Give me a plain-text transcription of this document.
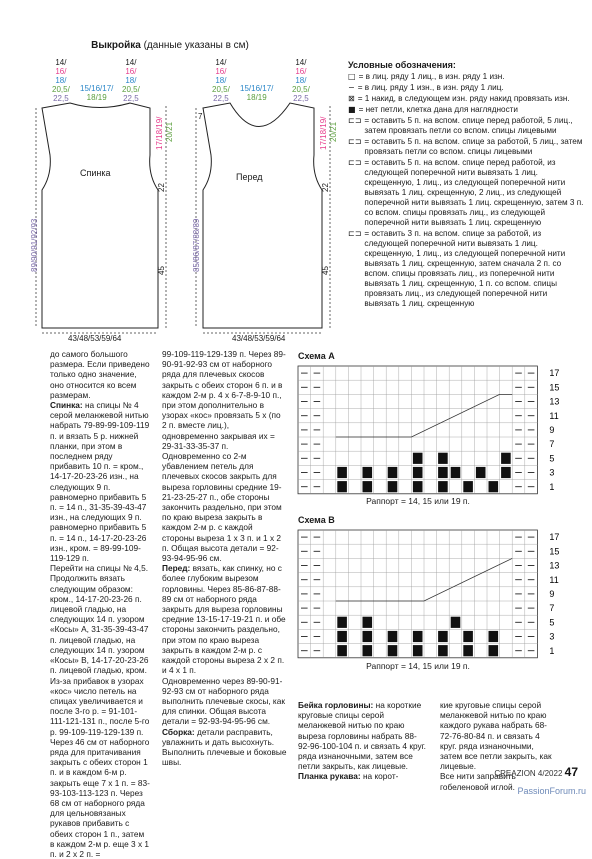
Выкройка (данные указаны в см)
Спинка
14/
16/
18/
20,5/
22,5
15/16/17/
18/19
14/
16/
18/
20,5/
22,5
17/18/19/ 20/21
22
45
89/90/91/92/93
43/48/53/59/64
Перед
14/
16/
18/
20,5/
22,5
15/16/17/
18/19
14/
16/
18/
20,5/
22,5
7
17/18/19/ 20/21
22
45
85/86/87/88/89
43/48/53/59/64
Условные обозначения:
□ = в лиц. ряду 1 лиц., в изн. ряду 1 изн.
− = в лиц. ряду 1 изн., в изн. ряду 1 лиц.
⊠ = 1 накид, в следующем изн. ряду накид провязать изн.
■ = нет петли, клетка дана для наглядности
⊏⊐ = оставить 5 п. на вспом. спице перед работой, 5 лиц., затем провязать петли со вспом. спицы лицевыми
⊏⊐ = оставить 5 п. на вспом. спице за работой, 5 лиц., затем провязать петли со вспом. спицы лицевыми
⊏⊐ = оставить 5 п. на вспом. спице перед работой, из следующей поперечной нити вывязать 1 лиц. скрещенную, 1 лиц., из следующей поперечной нити вывязать 1 лиц. скрещенную, 2 лиц., из следующей поперечной нити вывязать 1 лиц. скрещенную, затем 3 п. со вспом. спицы провязать лиц., из следующей поперечной нити вывязать 1 лиц. скрещенную
⊏⊐ = оставить 3 п. на вспом. спице за работой, из следующей поперечной нити вывязать 1 лиц. скрещенную, 1 лиц., из следующей поперечной нити вывязать 1 лиц. скрещенную, затем сначала 2 п. со вспом. спицы провязать лиц., из поперечной нити вывязать 1 лиц. скрещенную, 1 п. со вспом. спицы провязать лиц., из следующей поперечной нити вывязать 1 лиц. скрещенную

до самого большого размера. Если приведено только одно значение, оно относится ко всем размерам.

Спинка: на спицы № 4 серой меланжевой нитью набрать 79-89-99-109-119 п. и вязать 5 р. нижней планки, при этом в последнем ряду прибавить 10 п. = кром., 14-17-20-23-26 изн., на следующих 9 п. равномерно прибавить 5 п. = 14 п., 31-35-39-43-47 изн., на следующих 9 п. равномерно прибавить 5 п. = 14 п., 14-17-20-23-26 изн., кром. = 89-99-109-119-129 п.

Перейти на спицы № 4,5. Продолжить вязать следующим образом: кром., 14-17-20-23-26 п. лицевой гладью, на следующих 14 п. узором «Косы» А, 31-35-39-43-47 п. лицевой гладью, на следующих 14 п. узором «Косы» В, 14-17-20-23-26 п. лицевой гладью, кром.

Из-за прибавок в узорах «кос» число петель на спицах увеличивается и после 3-го р. = 91-101-111-121-131 п., после 5-го р. 99-109-119-129-139 п.

Через 46 см от наборного ряда для притачивания закрыть с обеих сторон 1 п. и в каждом 6-м р. закрыть еще 7 х 1 п. = 83-93-103-113-123 п. Через 68 см от наборного ряда для цельновязаных рукавов прибавить с обеих сторон 1 п., затем в каждом 2-м р. еще 3 х 1 п. и 2 х 2 п. =

99-109-119-129-139 п. Через 89-90-91-92-93 см от наборного ряда для плечевых скосов закрыть с обеих сторон 6 п. и в каждом 2-м р. 4 х 6-7-8-9-10 п., при этом дополнительно в узорах «кос» провязать 5 х (по 2 п. вместе лиц.), одновременно закрывая их = 29-31-33-35-37 п. Одновременно со 2-м убавлением петель для плечевых скосов закрыть для выреза горловины средние 19-21-23-25-27 п., обе стороны закончить раздельно, при этом по краю выреза закрыть в каждом 2-м р. с каждой стороны выреза 1 х 3 п. и 1 х 2 п. Общая высота детали = 92-93-94-95-96 см.

Перед: вязать, как спинку, но с более глубоким вырезом горловины. Через 85-86-87-88-89 см от наборного ряда закрыть для выреза горловины средние 13-15-17-19-21 п. и обе стороны закончить раздельно, при этом по краю выреза закрыть в каждом 2-м р. с каждой стороны выреза 2 х 2 п. и 4 х 1 п.

Одновременно через 89-90-91-92-93 см от наборного ряда выполнить плечевые скосы, как для спинки. Общая высота детали = 92-93-94-95-96 см.

Сборка: детали расправить, увлажнить и дать высохнуть. Выполнить плечевые и боковые швы.

Схема А
17
15
13
11
9
7
5
3
1
Раппорт = 14, 15 или 19 п.
Схема В
17
15
13
11
9
7
5
3
1
Раппорт = 14, 15 или 19 п.

Бейка горловины: на короткие круговые спицы серой меланжевой нитью по краю выреза горловины набрать 88-92-96-100-104 п. и связать 4 круг. ряда изнаночными, затем все петли закрыть, как лицевые.

Планка рукава: на корот-

кие круговые спицы серой меланжевой нитью по краю каждого рукава набрать 68-72-76-80-84 п. и связать 4 круг. ряда изнаночными, затем все петли закрыть, как лицевые.

Все нити заправить гобеленовой иглой.

CREAZION 4/2022 47
PassionForum.ru
